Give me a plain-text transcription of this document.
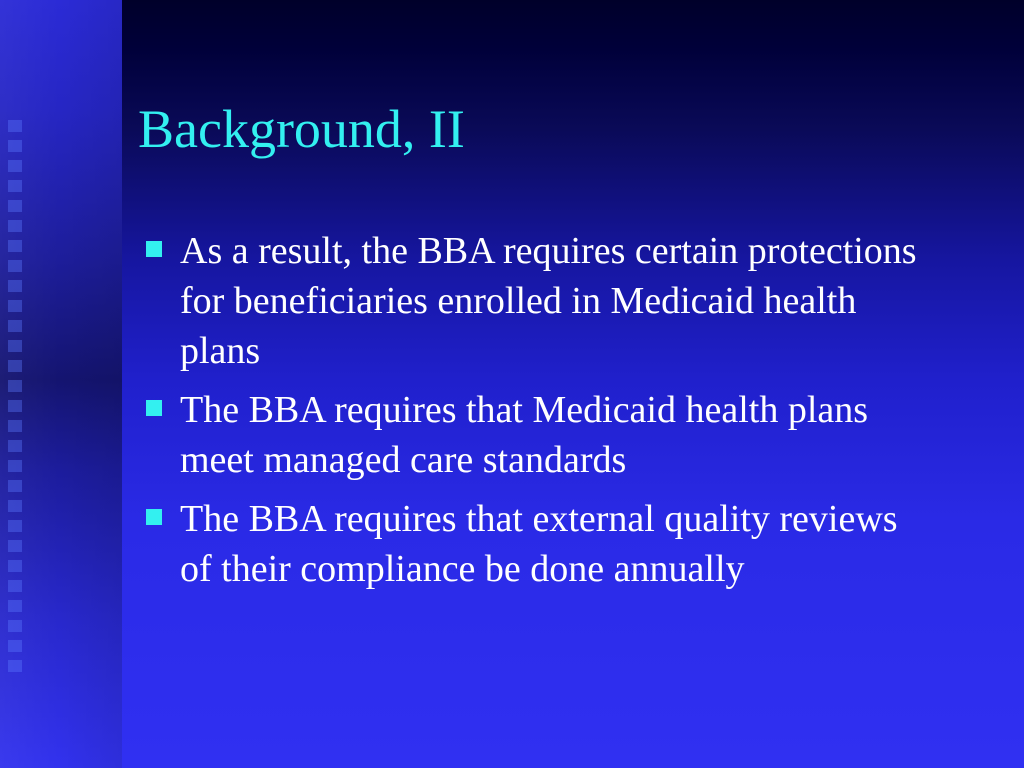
Background, II
As a result, the BBA requires certain protections for beneficiaries enrolled in Medicaid health plans
The BBA requires that Medicaid health plans meet managed care standards
The BBA requires that external quality reviews of their compliance be done annually
